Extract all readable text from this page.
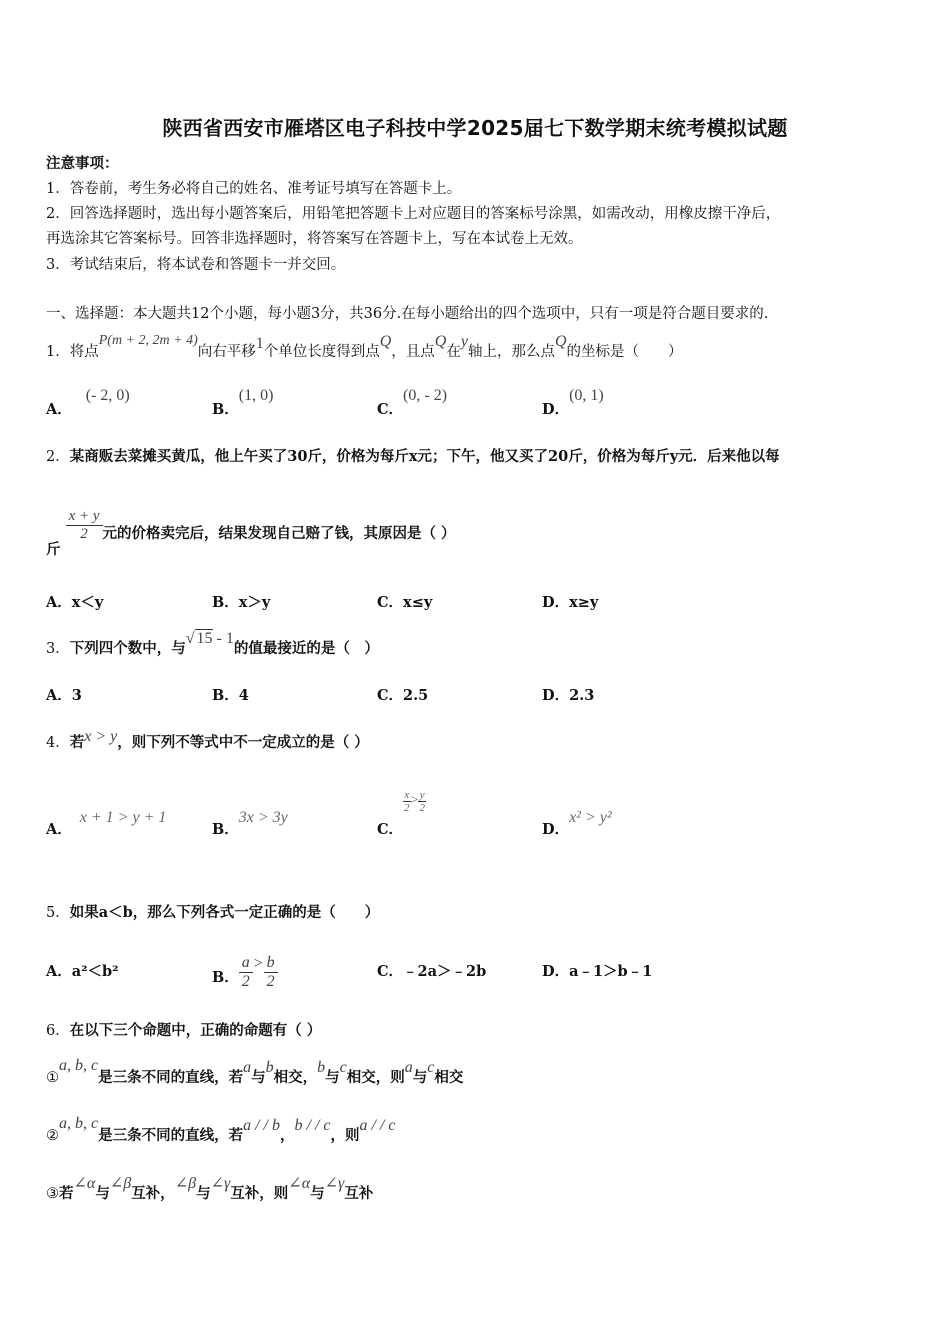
陕西省西安市雁塔区电子科技中学2025届七下数学期末统考模拟试题
注意事项：
1．答卷前，考生务必将自己的姓名、准考证号填写在答题卡上。
2．回答选择题时，选出每小题答案后，用铅笔把答题卡上对应题目的答案标号涂黑，如需改动，用橡皮擦干净后，
再选涂其它答案标号。回答非选择题时，将答案写在答题卡上，写在本试卷上无效。
3．考试结束后，将本试卷和答题卡一并交回。
一、选择题：本大题共12个小题，每小题3分，共36分.在每小题给出的四个选项中，只有一项是符合题目要求的.
1．将点P(m + 2, 2m + 4)向右平移1个单位长度得到点Q，且点Q在y轴上，那么点Q的坐标是（　　）
A．(- 2, 0)
B．(1, 0)
C．(0, - 2)
D．(0, 1)
2．某商贩去菜摊买黄瓜，他上午买了30斤，价格为每斤x元；下午，他又买了20斤，价格为每斤y元．后来他以每
斤
$\frac{x + y}{2}$ 元的价格卖完后，结果发现自己赔了钱，其原因是（ ）
A．x＜y	B．x＞y	C．x≤y	D．x≥y
3．下列四个数中，与√ 15 - 1的值最接近的是（　）
A．3	B．4	C．2.5	D．2.3
4．若x > y，则下列不等式中不一定成立的是（ ）
A．x + 1 > y + 1
B．3x > 3y
C．
$^{\frac{x}{2} > \frac{y}{2}}$
D．x² > y²
5．如果a＜b，那么下列各式一定正确的是（　　）
A．a²＜b²	B． $\frac{a}{2} > \frac{b}{2}$	C．﹣2a＞﹣2b	D．a﹣1＞b﹣1
6．在以下三个命题中，正确的命题有（ ）
①a, b, c是三条不同的直线，若a与b相交，b与c相交，则a与c相交
②a, b, c是三条不同的直线，若a / / b，b / / c，则a / / c
③若∠α与∠β互补，∠β与∠γ互补，则∠α与∠γ互补
